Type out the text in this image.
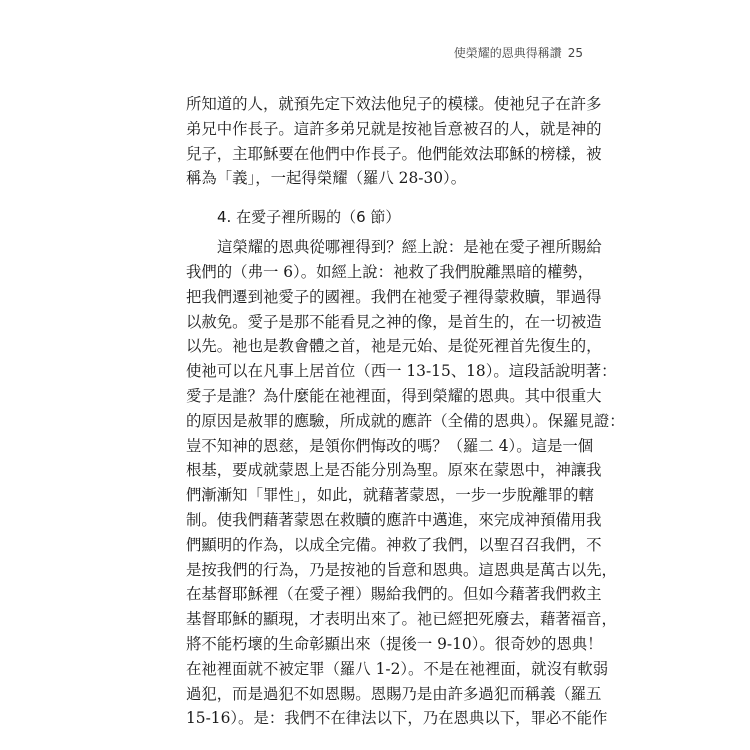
使榮耀的恩典得稱讚 25
所知道的人，就預先定下效法他兒子的模樣。使祂兒子在許多
弟兄中作長子。這許多弟兄就是按祂旨意被召的人，就是神的
兒子，主耶穌要在他們中作長子。他們能效法耶穌的榜樣，被
稱為「義」，一起得榮耀（羅八 28-30）。
4. 在愛子裡所賜的（6 節）
這榮耀的恩典從哪裡得到？經上說：是祂在愛子裡所賜給
我們的（弗一 6）。如經上說：祂救了我們脫離黑暗的權勢，
把我們遷到祂愛子的國裡。我們在祂愛子裡得蒙救贖，罪過得
以赦免。愛子是那不能看見之神的像，是首生的，在一切被造
以先。祂也是教會體之首，祂是元始、是從死裡首先復生的，
使祂可以在凡事上居首位（西一 13-15、18）。這段話說明著：
愛子是誰？為什麼能在祂裡面，得到榮耀的恩典。其中很重大
的原因是赦罪的應驗，所成就的應許（全備的恩典）。保羅見證：
豈不知神的恩慈，是領你們悔改的嗎？（羅二 4）。這是一個
根基，要成就蒙恩上是否能分別為聖。原來在蒙恩中，神讓我
們漸漸知「罪性」，如此，就藉著蒙恩，一步一步脫離罪的轄
制。使我們藉著蒙恩在救贖的應許中邁進，來完成神預備用我
們顯明的作為，以成全完備。神救了我們，以聖召召我們，不
是按我們的行為，乃是按祂的旨意和恩典。這恩典是萬古以先，
在基督耶穌裡（在愛子裡）賜給我們的。但如今藉著我們救主
基督耶穌的顯現，才表明出來了。祂已經把死廢去，藉著福音，
將不能朽壞的生命彰顯出來（提後一 9-10）。很奇妙的恩典！
在祂裡面就不被定罪（羅八 1-2）。不是在祂裡面，就沒有軟弱
過犯，而是過犯不如恩賜。恩賜乃是由許多過犯而稱義（羅五
15-16）。是：我們不在律法以下，乃在恩典以下，罪必不能作
